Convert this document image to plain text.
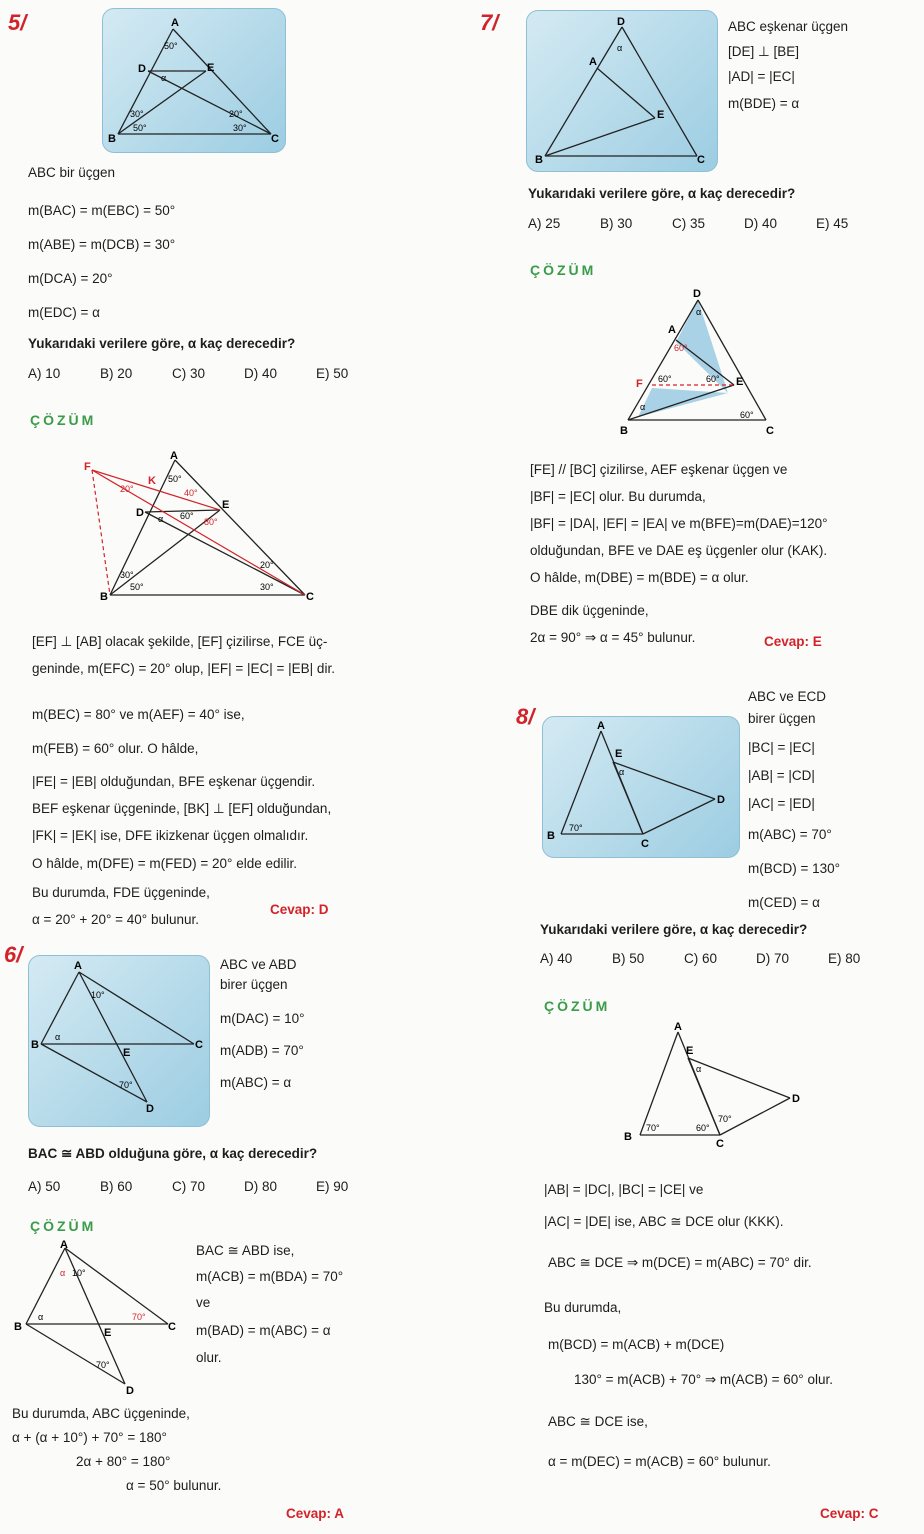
5/	A
B	C
D	E
50°
α
30°
50°
20°
30°
ABC bir üçgen
m(BAC) = m(EBC) = 50°
m(ABE) = m(DCB) = 30°
m(DCA) = 20°
m(EDC) = α
Yukarıdaki verilere göre, α kaç derecedir?
A) 10	B) 20	C) 30	D) 40	E) 50
ÇÖZÜM
F
K
A
B	C
D
E
20°
50°
40°
α 60°
80°
30°
50°
20°
30°
[EF] ⊥ [AB] olacak şekilde, [EF] çizilirse, FCE üç-
geninde, m(EFC) = 20° olup, |EF| = |EC| = |EB| dir.
m(BEC) = 80° ve m(AEF) = 40° ise,
m(FEB) = 60° olur. O hâlde,
|FE| = |EB| olduğundan, BFE eşkenar üçgendir.
BEF eşkenar üçgeninde, [BK] ⊥ [EF] olduğundan,
|FK| = |EK| ise, DFE ikizkenar üçgen olmalıdır.
O hâlde, m(DFE) = m(FED) = 20° elde edilir.
Bu durumda, FDE üçgeninde,
α = 20° + 20° = 40° bulunur.
Cevap: D
6/	A
B	C
D
E
10°
α
70°
ABC ve ABD
birer üçgen
m(DAC) = 10°
m(ADB) = 70°
m(ABC) = α
BAC ≅ ABD olduğuna göre, α kaç derecedir?
A) 50	B) 60	C) 70	D) 80	E) 90
ÇÖZÜM
A
B	C
D
E
α 10°
α	70°
70°
BAC ≅ ABD ise,
m(ACB) = m(BDA) = 70°
ve
m(BAD) = m(ABC) = α
olur.
Bu durumda, ABC üçgeninde,
α + (α + 10°) + 70° = 180°
2α + 80° = 180°
α = 50° bulunur.
Cevap: A
7/	D
A
B	C
E
α
ABC eşkenar üçgen
[DE] ⊥ [BE]
|AD| = |EC|
m(BDE) = α
Yukarıdaki verilere göre, α kaç derecedir?
A) 25	B) 30	C) 35	D) 40	E) 45
ÇÖZÜM
D
A
F	E
B	C
α
60°
60°	60°
α
60°
[FE] // [BC] çizilirse, AEF eşkenar üçgen ve
|BF| = |EC| olur. Bu durumda,
|BF| = |DA|, |EF| = |EA| ve m(BFE)=m(DAE)=120°
olduğundan, BFE ve DAE eş üçgenler olur (KAK).
O hâlde, m(DBE) = m(BDE) = α olur.
DBE dik üçgeninde,
2α = 90° ⇒ α = 45° bulunur.	Cevap: E
8/	A
E
D
B
C
α
70°
ABC ve ECD
birer üçgen
|BC| = |EC|
|AB| = |CD|
|AC| = |ED|
m(ABC) = 70°
m(BCD) = 130°
m(CED) = α
Yukarıdaki verilere göre, α kaç derecedir?
A) 40	B) 50	C) 60	D) 70	E) 80
ÇÖZÜM
A
E
D
B
C
α
70°	60°
70°
|AB| = |DC|, |BC| = |CE| ve
|AC| = |DE| ise, ABC ≅ DCE olur (KKK).
ABC ≅ DCE ⇒ m(DCE) = m(ABC) = 70° dir.
Bu durumda,
m(BCD) = m(ACB) + m(DCE)
130° = m(ACB) + 70° ⇒ m(ACB) = 60° olur.
ABC ≅ DCE ise,
α = m(DEC) = m(ACB) = 60° bulunur.
Cevap: C
